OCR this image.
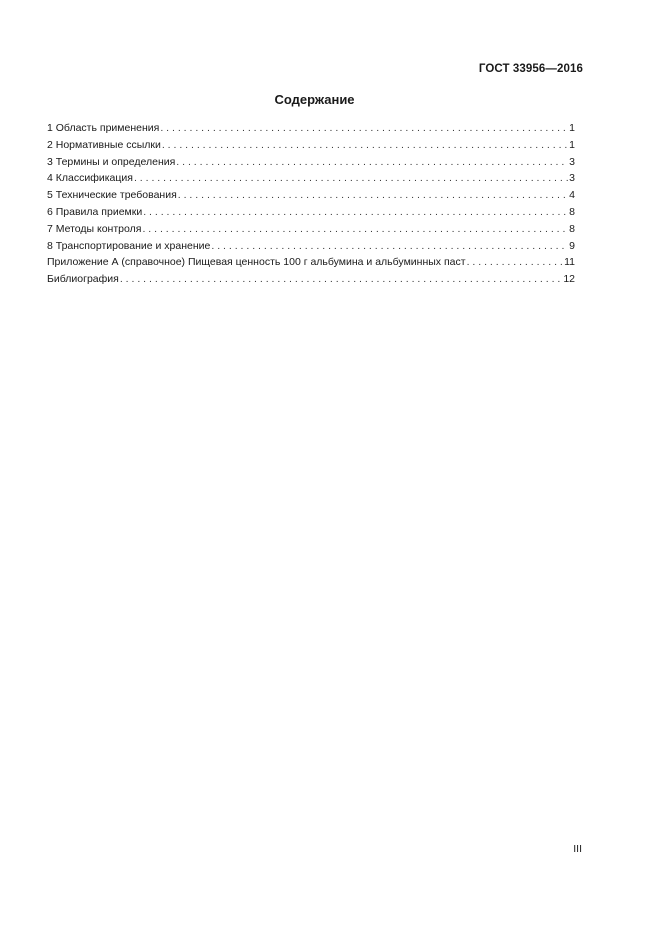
ГОСТ 33956—2016
Содержание
1 Область применения . . .	1
2 Нормативные ссылки . . .	1
3 Термины и определения . . .	3
4 Классификация . . .	3
5 Технические требования . . .	4
6 Правила приемки . . .	8
7 Методы контроля . . .	8
8 Транспортирование и хранение . . .	9
Приложение А (справочное) Пищевая ценность 100 г альбумина и альбуминных паст . . .	11
Библиография . . .	12
III
